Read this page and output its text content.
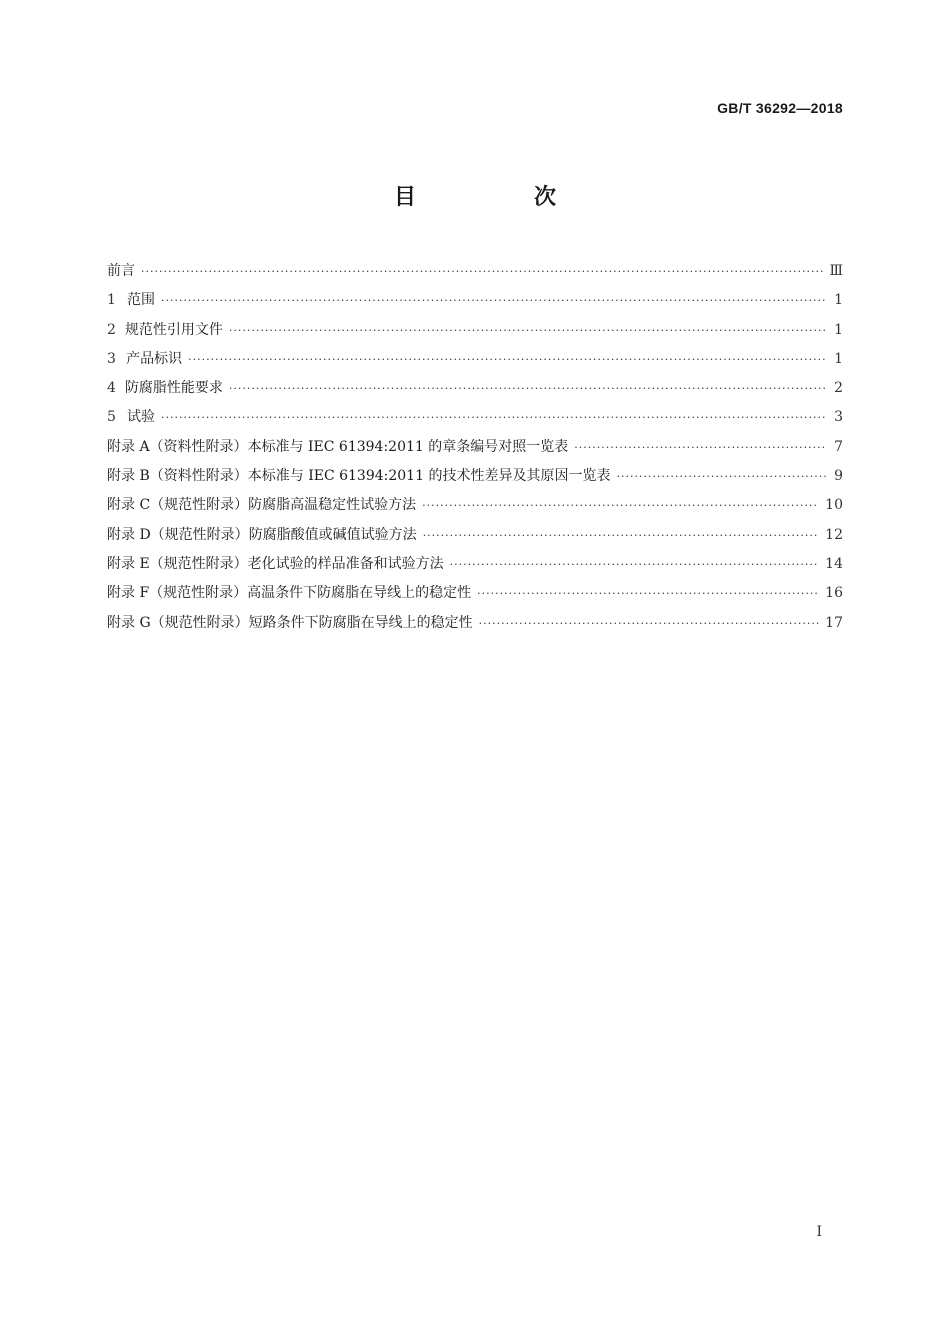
GB/T 36292—2018
目　次
前言 ·····	Ⅲ
1 范围 ·····	1
2 规范性引用文件 ·····	1
3 产品标识 ·····	1
4 防腐脂性能要求 ·····	2
5 试验 ·····	3
附录 A（资料性附录） 本标准与 IEC 61394:2011 的章条编号对照一览表 ·····	7
附录 B（资料性附录） 本标准与 IEC 61394:2011 的技术性差异及其原因一览表 ·····	9
附录 C（规范性附录） 防腐脂高温稳定性试验方法 ·····	10
附录 D（规范性附录） 防腐脂酸值或碱值试验方法 ·····	12
附录 E（规范性附录） 老化试验的样品准备和试验方法 ·····	14
附录 F（规范性附录） 高温条件下防腐脂在导线上的稳定性 ·····	16
附录 G（规范性附录） 短路条件下防腐脂在导线上的稳定性 ·····	17
I
